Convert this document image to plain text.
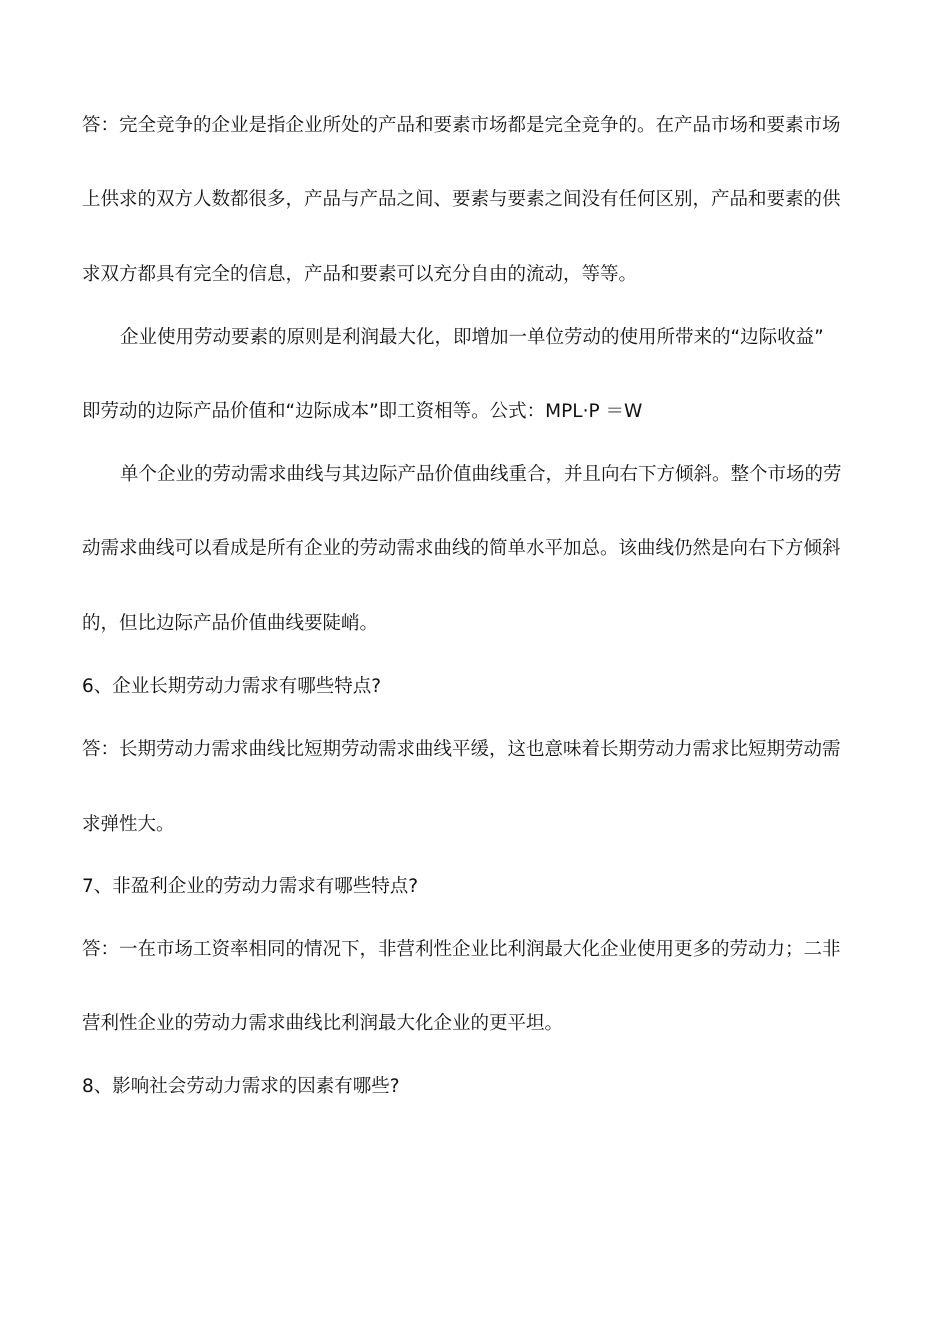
答：完全竞争的企业是指企业所处的产品和要素市场都是完全竞争的。在产品市场和要素市场
上供求的双方人数都很多，产品与产品之间、要素与要素之间没有任何区别，产品和要素的供
求双方都具有完全的信息，产品和要素可以充分自由的流动，等等。
企业使用劳动要素的原则是利润最大化，即增加一单位劳动的使用所带来的“边际收益”
即劳动的边际产品价值和“边际成本”即工资相等。公式：MPL·P ＝W
单个企业的劳动需求曲线与其边际产品价值曲线重合，并且向右下方倾斜。整个市场的劳
动需求曲线可以看成是所有企业的劳动需求曲线的简单水平加总。该曲线仍然是向右下方倾斜
的，但比边际产品价值曲线要陡峭。
6、企业长期劳动力需求有哪些特点?
答：长期劳动力需求曲线比短期劳动需求曲线平缓，这也意味着长期劳动力需求比短期劳动需
求弹性大。
7、非盈利企业的劳动力需求有哪些特点?
答：一在市场工资率相同的情况下，非营利性企业比利润最大化企业使用更多的劳动力；二非
营利性企业的劳动力需求曲线比利润最大化企业的更平坦。
8、影响社会劳动力需求的因素有哪些?
